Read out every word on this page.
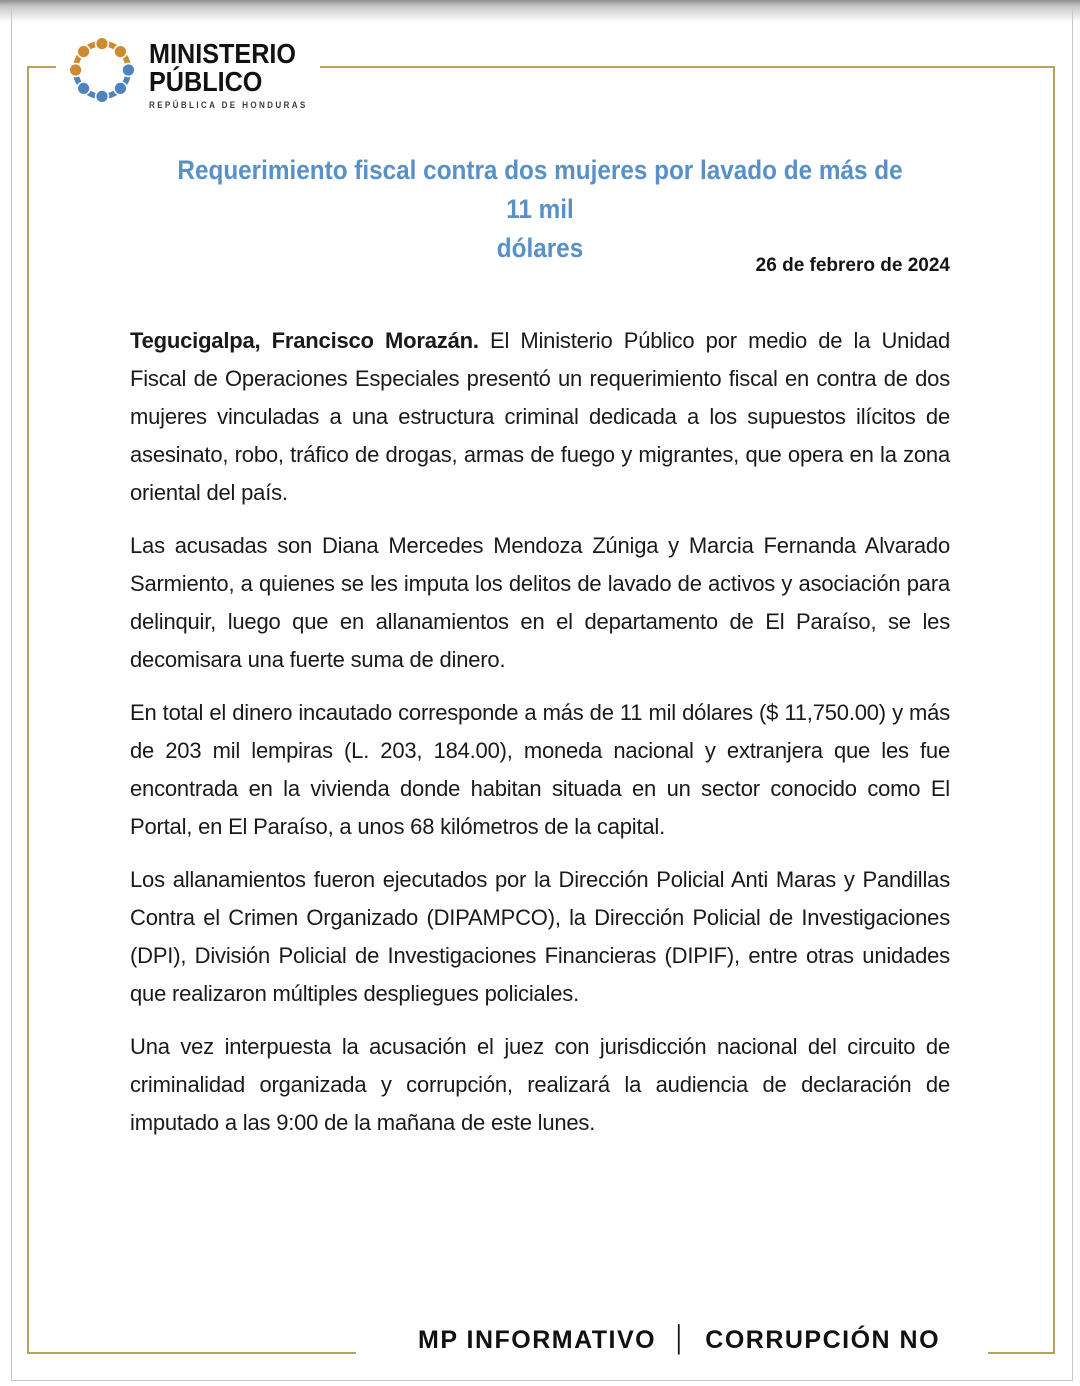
MINISTERIO
PÚBLICO
REPÚBLICA DE HONDURAS
Requerimiento fiscal contra dos mujeres por lavado de más de 11 mil
dólares
26 de febrero de 2024

Tegucigalpa, Francisco Morazán. El Ministerio Público por medio de la Unidad Fiscal de Operaciones Especiales presentó un requerimiento fiscal en contra de dos mujeres vinculadas a una estructura criminal dedicada a los supuestos ilícitos de asesinato, robo, tráfico de drogas, armas de fuego y migrantes, que opera en la zona oriental del país.

Las acusadas son Diana Mercedes Mendoza Zúniga y Marcia Fernanda Alvarado Sarmiento, a quienes se les imputa los delitos de lavado de activos y asociación para delinquir, luego que en allanamientos en el departamento de El Paraíso, se les decomisara una fuerte suma de dinero.

En total el dinero incautado corresponde a más de 11 mil dólares ($ 11,750.00) y más de 203 mil lempiras (L. 203, 184.00), moneda nacional y extranjera que les fue encontrada en la vivienda donde habitan situada en un sector conocido como El Portal, en El Paraíso, a unos 68 kilómetros de la capital.

Los allanamientos fueron ejecutados por la Dirección Policial Anti Maras y Pandillas Contra el Crimen Organizado (DIPAMPCO), la Dirección Policial de Investigaciones (DPI), División Policial de Investigaciones Financieras (DIPIF), entre otras unidades que realizaron múltiples despliegues policiales.

Una vez interpuesta la acusación el juez con jurisdicción nacional del circuito de criminalidad organizada y corrupción, realizará la audiencia de declaración de imputado a las 9:00 de la mañana de este lunes.

MP INFORMATIVO │ CORRUPCIÓN NO
